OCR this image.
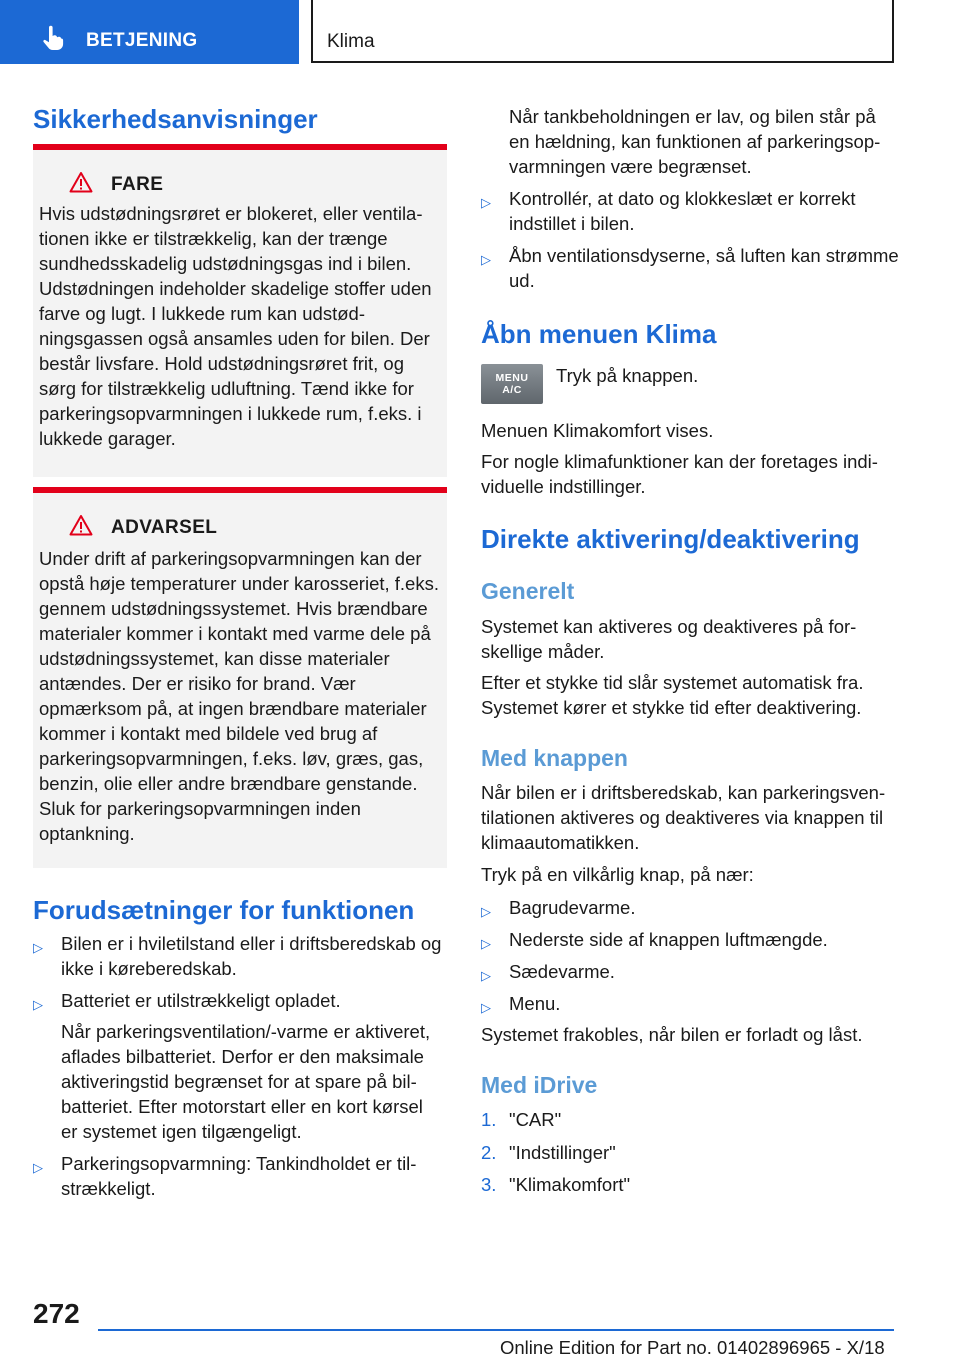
BETJENING	Klima
Sikkerhedsanvisninger
FARE

Hvis udstødningsrøret er blokeret, eller ventilationen ikke er tilstrækkelig, kan der trænge sundhedsskadelig udstødningsgas ind i bilen. Udstødningen indeholder skadelige stoffer uden farve og lugt. I lukkede rum kan udstødningsgassen også ansamles uden for bilen. Der består livsfare. Hold udstødningsrøret frit, og sørg for tilstrækkelig udluftning. Tænd ikke for parkeringsopvarmningen i lukkede rum, f.eks. i lukkede garager.

ADVARSEL

Under drift af parkeringsopvarmningen kan der opstå høje temperaturer under karosseriet, f.eks. gennem udstødningssystemet. Hvis brændbare materialer kommer i kontakt med varme dele på udstødningssystemet, kan disse materialer antændes. Der er risiko for brand. Vær opmærksom på, at ingen brændbare materialer kommer i kontakt med bildele ved brug af parkeringsopvarmningen, f.eks. løv, græs, gas, benzin, olie eller andre brændbare genstande. Sluk for parkeringsopvarmningen inden optankning.

Forudsætninger for funktionen
▷ Bilen er i hviletilstand eller i driftsberedskab og ikke i køreberedskab.
▷ Batteriet er utilstrækkeligt opladet.
Når parkeringsventilation/-varme er aktiveret, aflades bilbatteriet. Derfor er den maksimale aktiveringstid begrænset for at spare på bilbatteriet. Efter motorstart eller en kort kørsel er systemet igen tilgængeligt.
▷ Parkeringsopvarmning: Tankindholdet er tilstrækkeligt.

Når tankbeholdningen er lav, og bilen står på en hældning, kan funktionen af parkeringsopvarmningen være begrænset.

▷ Kontrollér, at dato og klokkeslæt er korrekt indstillet i bilen.
▷ Åbn ventilationsdyserne, så luften kan strømme ud.
Åbn menuen Klima
MENU
A/C

Tryk på knappen.

Menuen Klimakomfort vises.

For nogle klimafunktioner kan der foretages individuelle indstillinger.

Direkte aktivering/deaktivering
Generelt

Systemet kan aktiveres og deaktiveres på forskellige måder.

Efter et stykke tid slår systemet automatisk fra. Systemet kører et stykke tid efter deaktivering.

Med knappen

Når bilen er i driftsberedskab, kan parkeringsventilationen aktiveres og deaktiveres via knappen til klimaautomatikken.

Tryk på en vilkårlig knap, på nær:

▷ Bagrudevarme.
▷ Nederste side af knappen luftmængde.
▷ Sædevarme.
▷ Menu.

Systemet frakobles, når bilen er forladt og låst.

Med iDrive
1. "CAR"
2. "Indstillinger"
3. "Klimakomfort"
272
Online Edition for Part no. 01402896965 - X/18
